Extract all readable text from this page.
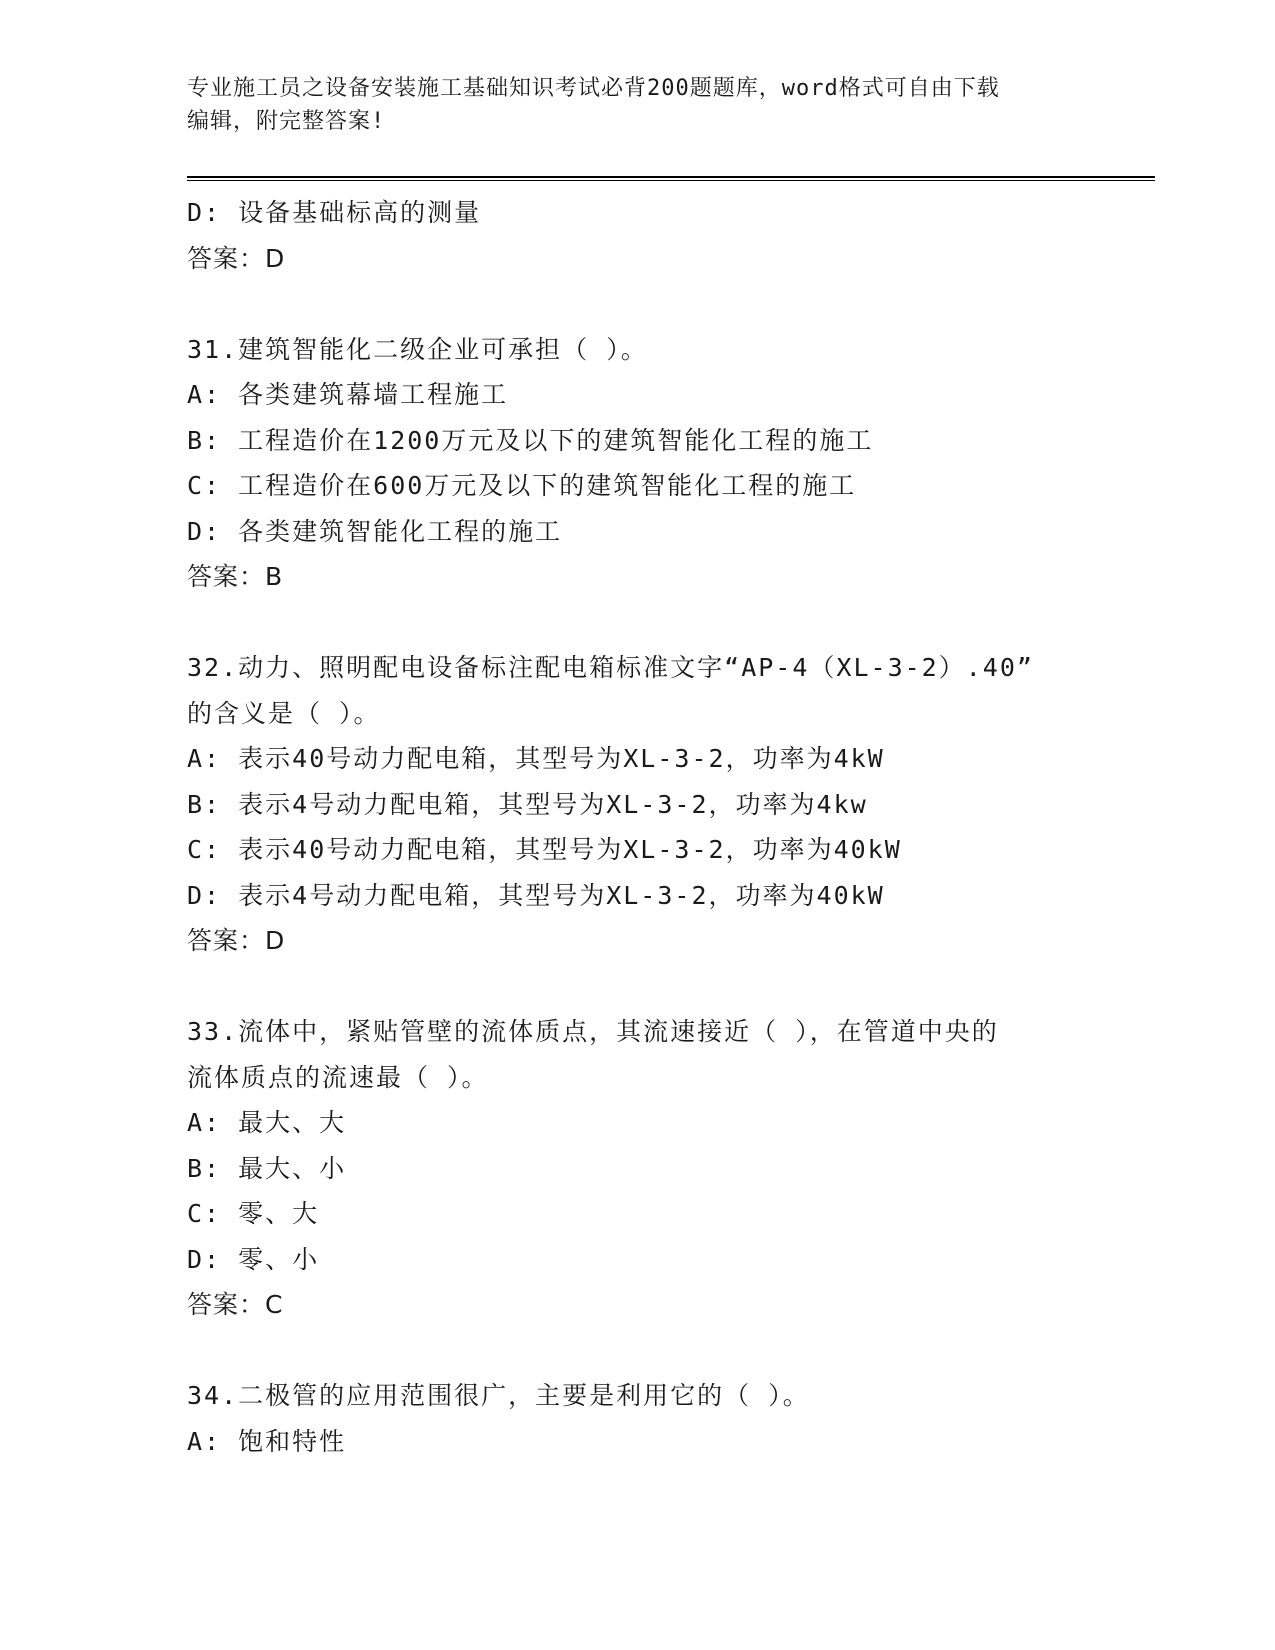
专业施工员之设备安装施工基础知识考试必背200题题库，word格式可自由下载
编辑，附完整答案!
D: 设备基础标高的测量
答案：D
31.建筑智能化二级企业可承担（ ）。
A: 各类建筑幕墙工程施工
B: 工程造价在1200万元及以下的建筑智能化工程的施工
C: 工程造价在600万元及以下的建筑智能化工程的施工
D: 各类建筑智能化工程的施工
答案：B
32.动力、照明配电设备标注配电箱标准文字“AP-4（XL-3-2）.40”
的含义是（ ）。
A: 表示40号动力配电箱，其型号为XL-3-2，功率为4kW
B: 表示4号动力配电箱，其型号为XL-3-2，功率为4kw
C: 表示40号动力配电箱，其型号为XL-3-2，功率为40kW
D: 表示4号动力配电箱，其型号为XL-3-2，功率为40kW
答案：D
33.流体中，紧贴管壁的流体质点，其流速接近（ ），在管道中央的
流体质点的流速最（ ）。
A: 最大、大
B: 最大、小
C: 零、大
D: 零、小
答案：C
34.二极管的应用范围很广，主要是利用它的（ ）。
A: 饱和特性
